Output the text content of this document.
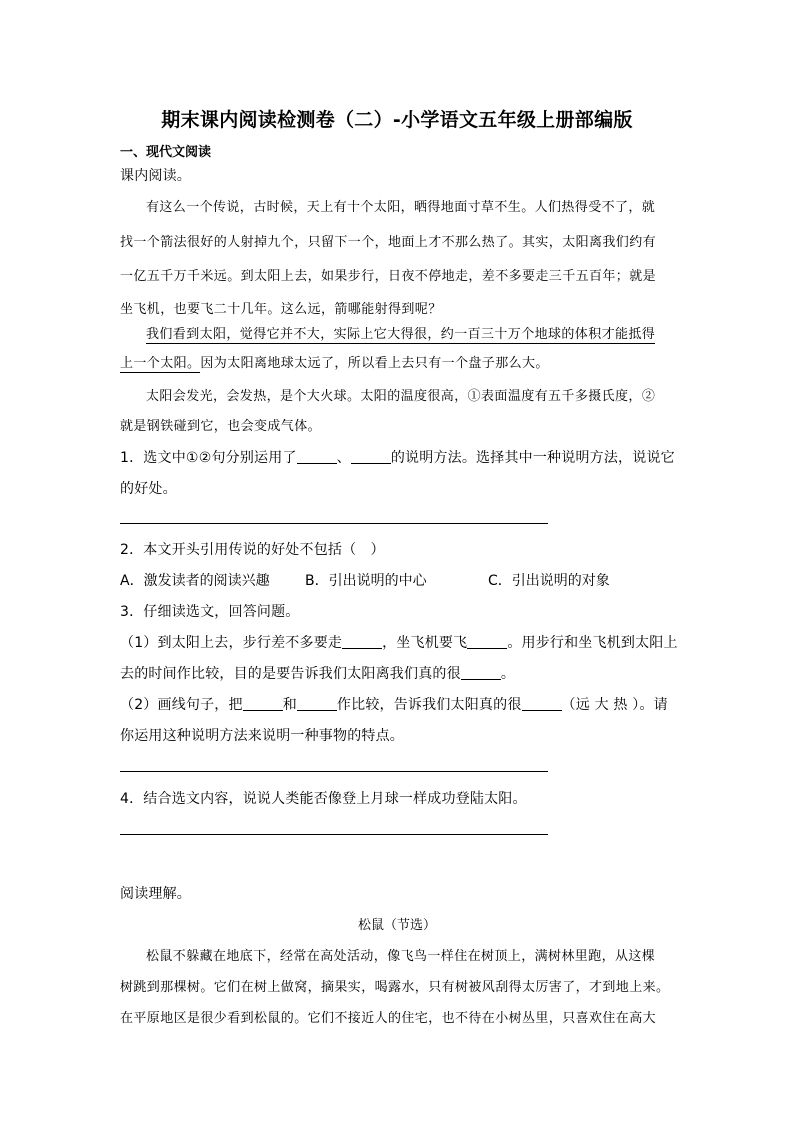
期末课内阅读检测卷（二）-小学语文五年级上册部编版
一、现代文阅读
课内阅读。
有这么一个传说，古时候，天上有十个太阳，晒得地面寸草不生。人们热得受不了，就
找一个箭法很好的人射掉九个，只留下一个，地面上才不那么热了。其实，太阳离我们约有
一亿五千万千米远。到太阳上去，如果步行，日夜不停地走，差不多要走三千五百年；就是
坐飞机，也要飞二十几年。这么远，箭哪能射得到呢？
我们看到太阳，觉得它并不大，实际上它大得很，约一百三十万个地球的体积才能抵得
上一个太阳。因为太阳离地球太远了，所以看上去只有一个盘子那么大。
太阳会发光，会发热，是个大火球。太阳的温度很高，①表面温度有五千多摄氏度，②
就是钢铁碰到它，也会变成气体。
1．选文中①②句分别运用了	、	的说明方法。选择其中一种说明方法，说说它
的好处。
2．本文开头引用传说的好处不包括（　）
A．激发读者的阅读兴趣	B．引出说明的中心	C．引出说明的对象
3．仔细读选文，回答问题。
（1）到太阳上去，步行差不多要走	，坐飞机要飞	。用步行和坐飞机到太阳上
去的时间作比较，目的是要告诉我们太阳离我们真的很	。
（2）画线句子，把	和	作比较，告诉我们太阳真的很	（远 大 热 ）。请
你运用这种说明方法来说明一种事物的特点。
4．结合选文内容，说说人类能否像登上月球一样成功登陆太阳。
阅读理解。
松鼠（节选）
松鼠不躲藏在地底下，经常在高处活动，像飞鸟一样住在树顶上，满树林里跑，从这棵
树跳到那棵树。它们在树上做窝，摘果实，喝露水，只有树被风刮得太厉害了，才到地上来。
在平原地区是很少看到松鼠的。它们不接近人的住宅，也不待在小树丛里，只喜欢住在高大
